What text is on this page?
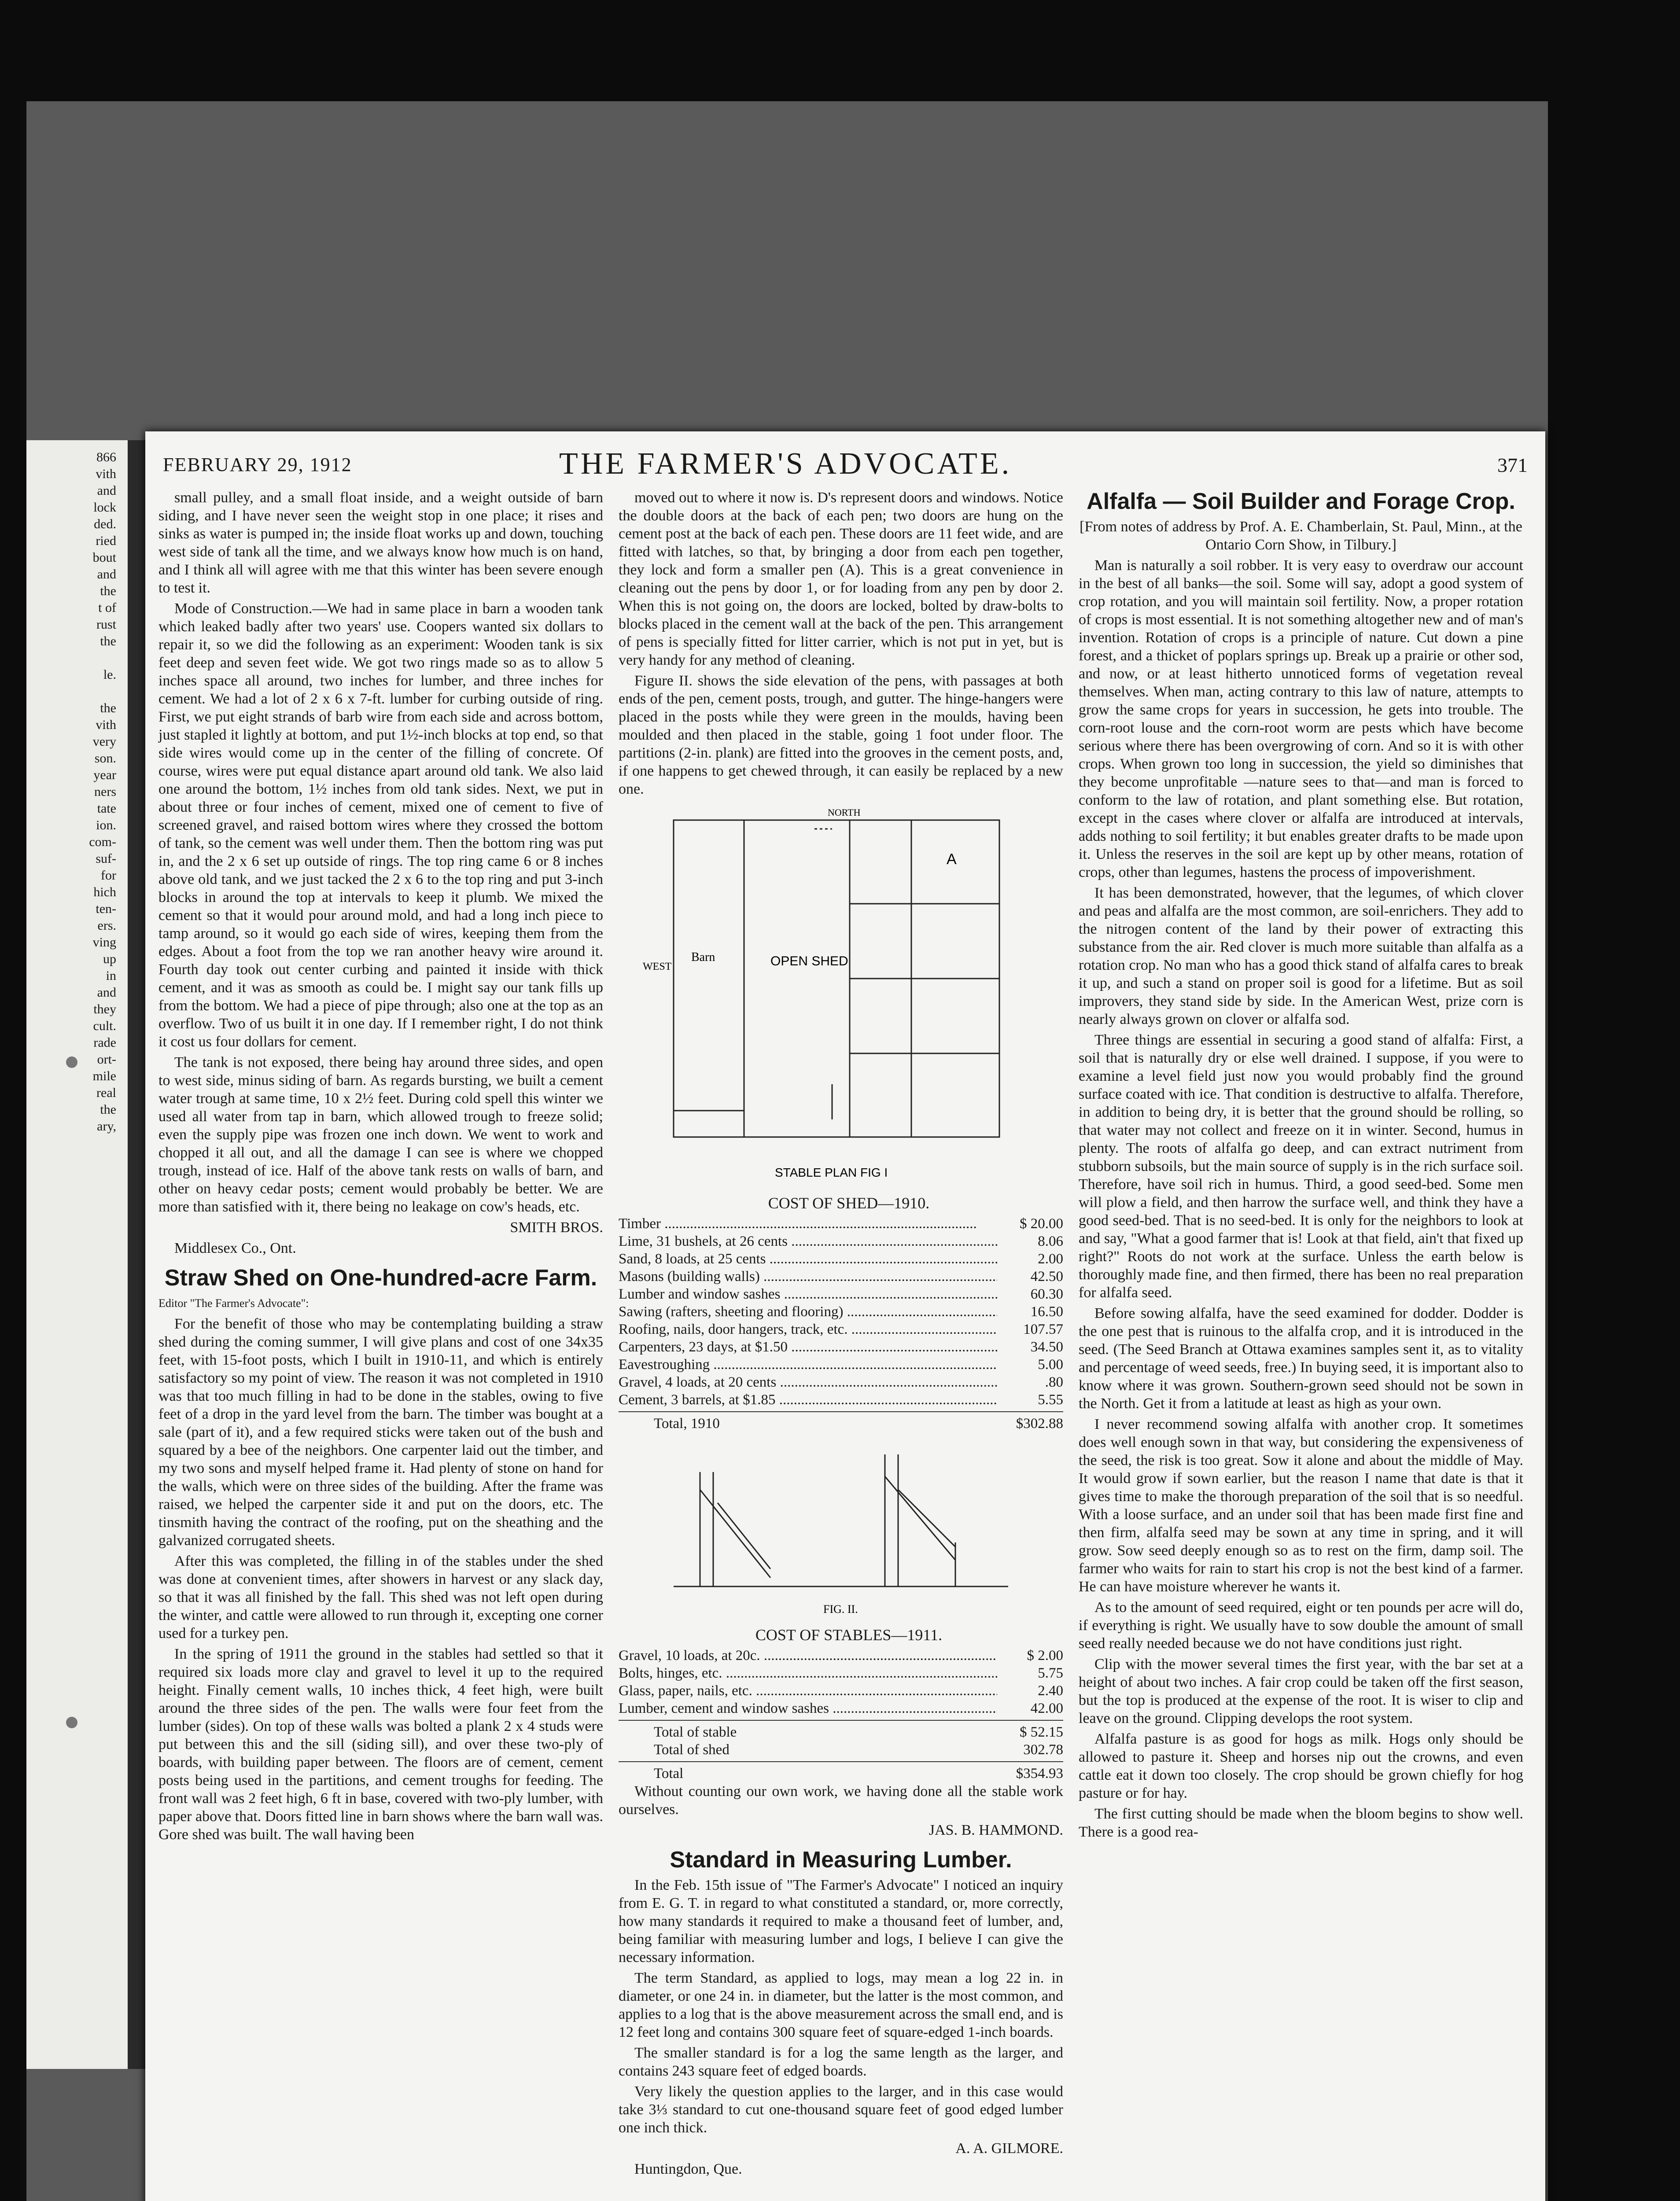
866
vith
and
lock
ded.
ried
bout
and
the
t of
rust
the

le.

the
vith
very
son.
year
ners
tate
ion.
com-
suf-
for
hich
ten-
ers.
ving
up
in
and
they
cult.
rade
ort-
mile
real
the
ary,
FEBRUARY 29, 1912	THE FARMER'S ADVOCATE.	371

small pulley, and a small float inside, and a weight outside of barn siding, and I have never seen the weight stop in one place; it rises and sinks as water is pumped in; the inside float works up and down, touching west side of tank all the time, and we always know how much is on hand, and I think all will agree with me that this winter has been severe enough to test it.

Mode of Construction.—We had in same place in barn a wooden tank which leaked badly after two years' use. Coopers wanted six dollars to repair it, so we did the following as an experiment: Wooden tank is six feet deep and seven feet wide. We got two rings made so as to allow 5 inches space all around, two inches for lumber, and three inches for cement. We had a lot of 2 x 6 x 7-ft. lumber for curbing outside of ring. First, we put eight strands of barb wire from each side and across bottom, just stapled it lightly at bottom, and put 1½-inch blocks at top end, so that side wires would come up in the center of the filling of concrete. Of course, wires were put equal distance apart around old tank. We also laid one around the bottom, 1½ inches from old tank sides. Next, we put in about three or four inches of cement, mixed one of cement to five of screened gravel, and raised bottom wires where they crossed the bottom of tank, so the cement was well under them. Then the bottom ring was put in, and the 2 x 6 set up outside of rings. The top ring came 6 or 8 inches above old tank, and we just tacked the 2 x 6 to the top ring and put 3-inch blocks in around the top at intervals to keep it plumb. We mixed the cement so that it would pour around mold, and had a long inch piece to tamp around, so it would go each side of wires, keeping them from the edges. About a foot from the top we ran another heavy wire around it. Fourth day took out center curbing and painted it inside with thick cement, and it was as smooth as could be. I might say our tank fills up from the bottom. We had a piece of pipe through; also one at the top as an overflow. Two of us built it in one day. If I remember right, I do not think it cost us four dollars for cement.

The tank is not exposed, there being hay around three sides, and open to west side, minus siding of barn. As regards bursting, we built a cement water trough at same time, 10 x 2½ feet. During cold spell this winter we used all water from tap in barn, which allowed trough to freeze solid; even the supply pipe was frozen one inch down. We went to work and chopped it all out, and all the damage I can see is where we chopped trough, instead of ice. Half of the above tank rests on walls of barn, and other on heavy cedar posts; cement would probably be better. We are more than satisfied with it, there being no leakage on cow's heads, etc.

SMITH BROS.

Middlesex Co., Ont.

Straw Shed on One-hundred-acre Farm.

Editor "The Farmer's Advocate":

For the benefit of those who may be contemplating building a straw shed during the coming summer, I will give plans and cost of one 34x35 feet, with 15-foot posts, which I built in 1910-11, and which is entirely satisfactory so my point of view. The reason it was not completed in 1910 was that too much filling in had to be done in the stables, owing to five feet of a drop in the yard level from the barn. The timber was bought at a sale (part of it), and a few required sticks were taken out of the bush and squared by a bee of the neighbors. One carpenter laid out the timber, and my two sons and myself helped frame it. Had plenty of stone on hand for the walls, which were on three sides of the building. After the frame was raised, we helped the carpenter side it and put on the doors, etc. The tinsmith having the contract of the roofing, put on the sheathing and the galvanized corrugated sheets.

After this was completed, the filling in of the stables under the shed was done at convenient times, after showers in harvest or any slack day, so that it was all finished by the fall. This shed was not left open during the winter, and cattle were allowed to run through it, excepting one corner used for a turkey pen.

In the spring of 1911 the ground in the stables had settled so that it required six loads more clay and gravel to level it up to the required height. Finally cement walls, 10 inches thick, 4 feet high, were built around the three sides of the pen. The walls were four feet from the lumber (sides). On top of these walls was bolted a plank 2 x 4 studs were put between this and the sill (siding sill), and over these two-ply of boards, with building paper between. The floors are of cement, cement posts being used in the partitions, and cement troughs for feeding. The front wall was 2 feet high, 6 ft in base, covered with two-ply lumber, with paper above that. Doors fitted line in barn shows where the barn wall was. Gore shed was built. The wall having been

moved out to where it now is. D's represent doors and windows. Notice the double doors at the back of each pen; two doors are hung on the cement post at the back of each pen. These doors are 11 feet wide, and are fitted with latches, so that, by bringing a door from each pen together, they lock and form a smaller pen (A). This is a great convenience in cleaning out the pens by door 1, or for loading from any pen by door 2. When this is not going on, the doors are locked, bolted by draw-bolts to blocks placed in the cement wall at the back of the pen. This arrangement of pens is specially fitted for litter carrier, which is not put in yet, but is very handy for any method of cleaning.

Figure II. shows the side elevation of the pens, with passages at both ends of the pen, cement posts, trough, and gutter. The hinge-hangers were placed in the posts while they were green in the moulds, having been moulded and then placed in the stable, going 1 foot under floor. The partitions (2-in. plank) are fitted into the grooves in the cement posts, and, if one happens to get chewed through, it can easily be replaced by a new one.

NORTH
WEST
Barn	OPEN SHED
A
STABLE PLAN FIG I

COST OF SHED—1910.

Timber .....	$ 20.00
Lime, 31 bushels, at 26 cents .....	8.06
Sand, 8 loads, at 25 cents .....	2.00
Masons (building walls) .....	42.50
Lumber and window sashes .....	60.30
Sawing (rafters, sheeting and flooring) .....	16.50
Roofing, nails, door hangers, track, etc. .....	107.57
Carpenters, 23 days, at $1.50 .....	34.50
Eavestroughing .....	5.00
Gravel, 4 loads, at 20 cents .....	.80
Cement, 3 barrels, at $1.85 .....	5.55
Total, 1910	$302.88
FIG. II.

COST OF STABLES—1911.

Gravel, 10 loads, at 20c. .....	$ 2.00
Bolts, hinges, etc. .....	5.75
Glass, paper, nails, etc. .....	2.40
Lumber, cement and window sashes .....	42.00
Total of stable	$ 52.15
Total of shed	302.78
Total	$354.93

Without counting our own work, we having done all the stable work ourselves.

JAS. B. HAMMOND.

Standard in Measuring Lumber.

In the Feb. 15th issue of "The Farmer's Advocate" I noticed an inquiry from E. G. T. in regard to what constituted a standard, or, more correctly, how many standards it required to make a thousand feet of lumber, and, being familiar with measuring lumber and logs, I believe I can give the necessary information.

The term Standard, as applied to logs, may mean a log 22 in. in diameter, or one 24 in. in diameter, but the latter is the most common, and applies to a log that is the above measurement across the small end, and is 12 feet long and contains 300 square feet of square-edged 1-inch boards.

The smaller standard is for a log the same length as the larger, and contains 243 square feet of edged boards.

Very likely the question applies to the larger, and in this case would take 3⅓ standard to cut one-thousand square feet of good edged lumber one inch thick.

A. A. GILMORE.

Huntingdon, Que.

Alfalfa — Soil Builder and Forage Crop.

[From notes of address by Prof. A. E. Chamberlain, St. Paul, Minn., at the Ontario Corn Show, in Tilbury.]

Man is naturally a soil robber. It is very easy to overdraw our account in the best of all banks—the soil. Some will say, adopt a good system of crop rotation, and you will maintain soil fertility. Now, a proper rotation of crops is most essential. It is not something altogether new and of man's invention. Rotation of crops is a principle of nature. Cut down a pine forest, and a thicket of poplars springs up. Break up a prairie or other sod, and now, or at least hitherto unnoticed forms of vegetation reveal themselves. When man, acting contrary to this law of nature, attempts to grow the same crops for years in succession, he gets into trouble. The corn-root louse and the corn-root worm are pests which have become serious where there has been overgrowing of corn. And so it is with other crops. When grown too long in succession, the yield so diminishes that they become unprofitable —nature sees to that—and man is forced to conform to the law of rotation, and plant something else. But rotation, except in the cases where clover or alfalfa are introduced at intervals, adds nothing to soil fertility; it but enables greater drafts to be made upon it. Unless the reserves in the soil are kept up by other means, rotation of crops, other than legumes, hastens the process of impoverishment.

It has been demonstrated, however, that the legumes, of which clover and peas and alfalfa are the most common, are soil-enrichers. They add to the nitrogen content of the land by their power of extracting this substance from the air. Red clover is much more suitable than alfalfa as a rotation crop. No man who has a good thick stand of alfalfa cares to break it up, and such a stand on proper soil is good for a lifetime. But as soil improvers, they stand side by side. In the American West, prize corn is nearly always grown on clover or alfalfa sod.

Three things are essential in securing a good stand of alfalfa: First, a soil that is naturally dry or else well drained. I suppose, if you were to examine a level field just now you would probably find the ground surface coated with ice. That condition is destructive to alfalfa. Therefore, in addition to being dry, it is better that the ground should be rolling, so that water may not collect and freeze on it in winter. Second, humus in plenty. The roots of alfalfa go deep, and can extract nutriment from stubborn subsoils, but the main source of supply is in the rich surface soil. Therefore, have soil rich in humus. Third, a good seed-bed. Some men will plow a field, and then harrow the surface well, and think they have a good seed-bed. That is no seed-bed. It is only for the neighbors to look at and say, "What a good farmer that is! Look at that field, ain't that fixed up right?" Roots do not work at the surface. Unless the earth below is thoroughly made fine, and then firmed, there has been no real preparation for alfalfa seed.

Before sowing alfalfa, have the seed examined for dodder. Dodder is the one pest that is ruinous to the alfalfa crop, and it is introduced in the seed. (The Seed Branch at Ottawa examines samples sent it, as to vitality and percentage of weed seeds, free.) In buying seed, it is important also to know where it was grown. Southern-grown seed should not be sown in the North. Get it from a latitude at least as high as your own.

I never recommend sowing alfalfa with another crop. It sometimes does well enough sown in that way, but considering the expensiveness of the seed, the risk is too great. Sow it alone and about the middle of May. It would grow if sown earlier, but the reason I name that date is that it gives time to make the thorough preparation of the soil that is so needful. With a loose surface, and an under soil that has been made first fine and then firm, alfalfa seed may be sown at any time in spring, and it will grow. Sow seed deeply enough so as to rest on the firm, damp soil. The farmer who waits for rain to start his crop is not the best kind of a farmer. He can have moisture wherever he wants it.

As to the amount of seed required, eight or ten pounds per acre will do, if everything is right. We usually have to sow double the amount of small seed really needed because we do not have conditions just right.

Clip with the mower several times the first year, with the bar set at a height of about two inches. A fair crop could be taken off the first season, but the top is produced at the expense of the root. It is wiser to clip and leave on the ground. Clipping develops the root system.

Alfalfa pasture is as good for hogs as milk. Hogs only should be allowed to pasture it. Sheep and horses nip out the crowns, and even cattle eat it down too closely. The crop should be grown chiefly for hog pasture or for hay.

The first cutting should be made when the bloom begins to show well. There is a good rea-
